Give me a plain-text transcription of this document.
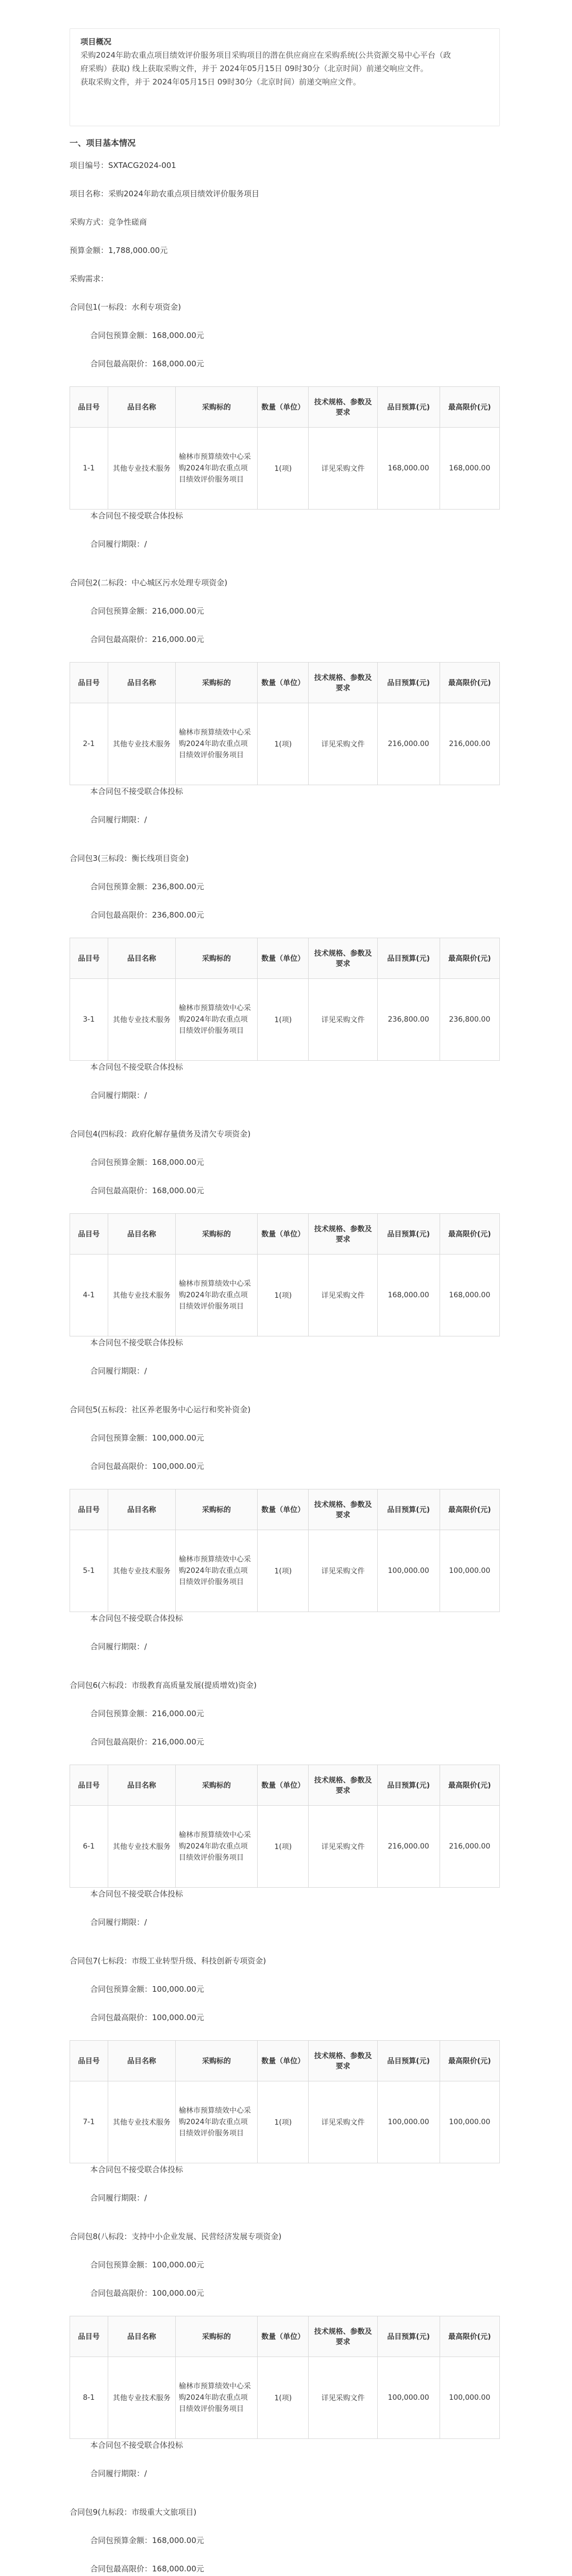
项目概况
采购2024年助农重点项目绩效评价服务项目采购项目的潜在供应商应在采购系统(公共资源交易中心平台（政
府采购）获取) 线上获取采购文件，并于 2024年05月15日 09时30分（北京时间）前递交响应文件。
获取采购文件，并于 2024年05月15日 09时30分（北京时间）前递交响应文件。
一、项目基本情况
项目编号：SXTACG2024-001
项目名称：采购2024年助农重点项目绩效评价服务项目
采购方式：竞争性磋商
预算金额：1,788,000.00元
采购需求：
合同包1(一标段：水利专项资金)
合同包预算金额：168,000.00元
合同包最高限价：168,000.00元
品目号	品目名称	采购标的	数量（单位）	技术规格、参数及要求	品目预算(元)	最高限价(元)
1-1	其他专业技术服务	榆林市预算绩效中心采购2024年助农重点项目绩效评价服务项目	1(项)	详见采购文件	168,000.00	168,000.00
本合同包不接受联合体投标
合同履行期限：/
合同包2(二标段：中心城区污水处理专项资金)
合同包预算金额：216,000.00元
合同包最高限价：216,000.00元
品目号	品目名称	采购标的	数量（单位）	技术规格、参数及要求	品目预算(元)	最高限价(元)
2-1	其他专业技术服务	榆林市预算绩效中心采购2024年助农重点项目绩效评价服务项目	1(项)	详见采购文件	216,000.00	216,000.00
本合同包不接受联合体投标
合同履行期限：/
合同包3(三标段：衡长线项目资金)
合同包预算金额：236,800.00元
合同包最高限价：236,800.00元
品目号	品目名称	采购标的	数量（单位）	技术规格、参数及要求	品目预算(元)	最高限价(元)
3-1	其他专业技术服务	榆林市预算绩效中心采购2024年助农重点项目绩效评价服务项目	1(项)	详见采购文件	236,800.00	236,800.00
本合同包不接受联合体投标
合同履行期限：/
合同包4(四标段：政府化解存量债务及清欠专项资金)
合同包预算金额：168,000.00元
合同包最高限价：168,000.00元
品目号	品目名称	采购标的	数量（单位）	技术规格、参数及要求	品目预算(元)	最高限价(元)
4-1	其他专业技术服务	榆林市预算绩效中心采购2024年助农重点项目绩效评价服务项目	1(项)	详见采购文件	168,000.00	168,000.00
本合同包不接受联合体投标
合同履行期限：/
合同包5(五标段：社区养老服务中心运行和奖补资金)
合同包预算金额：100,000.00元
合同包最高限价：100,000.00元
品目号	品目名称	采购标的	数量（单位）	技术规格、参数及要求	品目预算(元)	最高限价(元)
5-1	其他专业技术服务	榆林市预算绩效中心采购2024年助农重点项目绩效评价服务项目	1(项)	详见采购文件	100,000.00	100,000.00
本合同包不接受联合体投标
合同履行期限：/
合同包6(六标段：市级教育高质量发展(提质增效)资金)
合同包预算金额：216,000.00元
合同包最高限价：216,000.00元
品目号	品目名称	采购标的	数量（单位）	技术规格、参数及要求	品目预算(元)	最高限价(元)
6-1	其他专业技术服务	榆林市预算绩效中心采购2024年助农重点项目绩效评价服务项目	1(项)	详见采购文件	216,000.00	216,000.00
本合同包不接受联合体投标
合同履行期限：/
合同包7(七标段：市级工业转型升级、科技创新专项资金)
合同包预算金额：100,000.00元
合同包最高限价：100,000.00元
品目号	品目名称	采购标的	数量（单位）	技术规格、参数及要求	品目预算(元)	最高限价(元)
7-1	其他专业技术服务	榆林市预算绩效中心采购2024年助农重点项目绩效评价服务项目	1(项)	详见采购文件	100,000.00	100,000.00
本合同包不接受联合体投标
合同履行期限：/
合同包8(八标段：支持中小企业发展、民营经济发展专项资金)
合同包预算金额：100,000.00元
合同包最高限价：100,000.00元
品目号	品目名称	采购标的	数量（单位）	技术规格、参数及要求	品目预算(元)	最高限价(元)
8-1	其他专业技术服务	榆林市预算绩效中心采购2024年助农重点项目绩效评价服务项目	1(项)	详见采购文件	100,000.00	100,000.00
本合同包不接受联合体投标
合同履行期限：/
合同包9(九标段：市级重大文旅项目)
合同包预算金额：168,000.00元
合同包最高限价：168,000.00元
